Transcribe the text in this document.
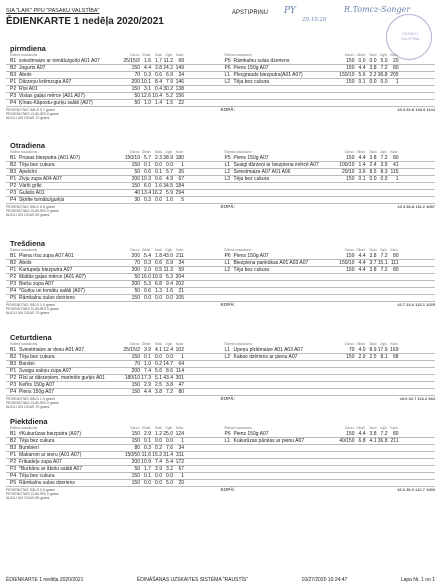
SIA "LAIK" PPU "PASAKU VALSTĪBA"
ĒDIENKARTE 1 nedēļa 2020/2021
APSTIPRINU PY
29.10.20
R.Tomcz-Songer
PASAKU VALSTĪBA
pirmdiena
Ēdiena nosaukums	Gat.sv. Olbalt.	Tauki	Ogļh. Kalor.	Ēdiena nosaukums	Gat.sv. Olbalt.	Tauki	Ogļh. Kalor.
B1 sviestmaize ar tomātu/gurķi A01 A07	25/15/2 1.6 1.7 11.2	69	P5 Rāmkalnu sulas dzeriens	150 0.0 0.0 5.0	20
B2 Jogurts A07	150 4.4 3.8 24.2 149	P6 Piens 150g A07	150 4.4 3.8 7.2	80
B3 Ābols	70 0.3 0.6 6.9	34	L1 Plecgrauds biezputra(A01 A07)	150/10 5.6 2.2 36.8 205
P1 Dārzeņu krēmzupa A07	200 10.1 8.4 7.9 146	L2 Tēja bez cukura	150 0.1 0.0 0.0	1
P2 Rīsi A01	150 3.1 0.4 30.2 138
P3 Vistas gaļas mērce (A01 A07)	50 12.6 10.4 5.2 156
P4 Ķīnas-Kāpostu-gurķu salāti (A07)	50 1.0 1.4 1.5	22
PEVIENOTAS SĀLS 0.7 grami
PEVIENOTAIS CUKURS 0 grami
AUGLI UN OGAS 70 grami
KOPĀ:	43.3 32.8 138.9 1144
Otradiena
Ēdiena nosaukums	Gat.sv. Olbalt.	Tauki	Ogļh. Kalor.	Ēdiena nosaukums	Gat.sv. Olbalt.	Tauki	Ogļh. Kalor.
B1 Prosas biezputra (A01 A07)	150/10 5.7 2.3 38.9 180	P5 Piens 150g A07	150 4.4 3.8 7.2	80
B2 Tēja bez cukura	150 0.1 0.0 0.0	1	L1 Svaigi dārzeņi ar biezpiena mērcē A07	100/10 1.4 2.4 3.9	41
B3 Apelsīni	50 0.6 0.1 5.7	26	L2 Sviestmaize A07 A01 A06	20/10 3.6 8.5 8.3 115
P1 Zivju zupa A04 A07	200 10.3 0.6 4.9	67	L3 Tēja bez cukura	150 0.1 0.0 0.0	1
P2 Vārīti grīki	150 6.0 1.6 34.5 184
P3 Gulašs A01	40 13.4 16.2 5.9 294
P4 Šķēlte tomātu/gurķis	30 0.3 0.0 1.0	5
PEVIENOTAS SĀLS 0.8 grami
PEVIENOTAIS CUKURS 0 grami
AUGLI UN OGAS 50 grami
KOPĀ:	43.3 36.8 116.2 1097
Trešdiena
Ēdiena nosaukums	Gat.sv. Olbalt.	Tauki	Ogļh. Kalor.	Ēdiena nosaukums	Gat.sv. Olbalt.	Tauki	Ogļh. Kalor.
B1 Piena rīsu zupa A07 A01	200 5.4 1.8 43.0 211	P6 Piens 150g A07	150 4.4 3.8 7.2	80
B2 Ābols	70 0.3 0.6 6.9	34	L1 Biezpiena pankūkas A01 A03 A07	150/10 4.4 3.7 15.1 111
P1 Kartupeļu biezputra A07	200 2.0 0.5 11.3	59	L2 Tēja bez cukura	150 4.4 3.8 7.2	80
P2 Maltās gaļas mērce (A01 A07)	50 16.0 10.9 5.3 204
P3 Biešu zupa A07	200 5.3 6.8 9.4 202
P4 *Gurķu un tomātu salāti (A07)	50 0.6 1.3 1.6	21
P5 Rāmkalnu sulas dzeriens	150 0.0 0.0 0.0 105
PEVIENOTAS SĀLS 1.0 grami
PEVIENOTAIS CUKURS 0 grami
AUGLI UN OGAS 70 grami
KOPĀ:	42.7 33.0 113.1 1025
Ceturtdiena
Ēdiena nosaukums	Gat.sv. Olbalt.	Tauki	Ogļh. Kalor.	Ēdiena nosaukums	Gat.sv. Olbalt.	Tauki	Ogļh. Kalor.
B1 Sviestmaize ar desu A01 A07	25/15/2 3.9 4.1 12.4 102	L1 Upeņu pīrātmaize A01 A03 A07	70 4.0 8.9 17.9 169
B2 Tēja bez cukura	150 0.1 0.0 0.0	1	L2 Kakao dzēriens ar pienu A07	150 2.9 2.5 8.1	68
B3 Banāni	70 1.0 0.2 14.7	64
P1 Svaigu sakņu zupa A07	200 7.4 5.6 8.6 114
P2 Rīsi ar dārzeņiem, marinēts gurķis A01	180/10 17.3 5.1 43.4 301
P3 Kefīrs 150g A07	150 2.9 2.5 3.8	47
P4 Piens 150g A07	150 4.4 3.8 7.2	80
PEVIENOTAS SĀLS 1.0 grami
PEVIENOTAIS CUKURS 0 grami
AUGLI UN OGAS 70 grami
KOPĀ:	43.9 32.7 116.2 944
Piektdiena
Ēdiena nosaukums	Gat.sv. Olbalt.	Tauki	Ogļh. Kalor.	Ēdiena nosaukums	Gat.sv. Olbalt.	Tauki	Ogļh. Kalor.
B1 #Kukurūzas biezputra (A07)	150 2.9 1.2 25.0 124	P6 Piens 150g A07	150 4.4 3.8 7.2	80
B2 Tēja bez cukura	150 0.1 0.0 0.0	1	L1 Kukurūzas pārslas ar pienu A07	40/150 6.8 4.1 36.8 211
B3 Bumbieri	80 0.3 0.2 7.6	34
P1 Makaroni ar sieru (A01 A07)	150/50 11.6 15.2 31.4 311
P2 Frikadeļu zupa A07	200 10.9 7.4 5.4 172
P3 *Burkānu ar ābolu salāti A07	50 1.7 3.9 3.2	67
P4 Tēja bez cukura	150 0.1 0.0 0.0	1
P5 Rāmkalnu sulas dzeriens	150 0.0 0.0 5.0	20
PEVIENOTAS SĀLS 0.8 grami
PEVIENOTAIS CUKURS 0 grami
AUGLI UN OGAS 80 grami
KOPĀ:	43.6 35.9 122.7 1093
ĒDIENKARTE 1 nedēļa 2020/2021	ĒDINĀŠANAS UZSKAITES SISTĒMA "RAUSTĪS"	10/27/2020 10:24:47	Lapa Nr. 1 no 1
